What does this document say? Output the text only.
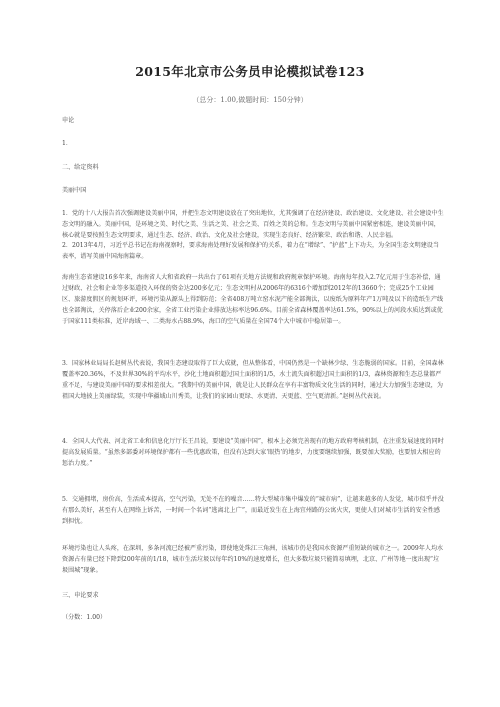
2015年北京市公务员申论模拟试卷123
（总分：1.00,做题时间：150分钟）

申论

1．

二、给定资料

美丽中国

1．党的十八大报告首次强调建设美丽中国，并把生态文明建设放在了突出地位，尤其强调了在经济建设、政治建设、文化建设、社会建设中生态文明的融入。美丽中国，是环境之美、时代之美、生活之美、社会之美、百姓之美的总和。生态文明与美丽中国紧密相连，建设美丽中国，核心就是要按照生态文明要求，通过生态、经济、政治、文化及社会建设，实现生态良好、经济繁荣、政治和谐、人民幸福。

2．2013年4月，习近平总书记在海南视察时，要求海南处理好发展和保护的关系，着力在“增绿”、“护蓝”上下功夫，为全国生态文明建设当表率，谱写美丽中国海南篇章。

海南生态省建设16多年来，海南省人大和省政府一共出台了61项有关地方法规和政府规章保护环境。海南每年投入2.7亿元用于生态补偿，通过财政、社会和企业等多渠道投入环保的资金达200多亿元；生态文明村从2006年的6316个增加到2012年的13660个；完成25个工业园区、旅游度假区的规划环评，环境污染从源头上得到防范；全省408万吨立窑水泥产能全部淘汰，以废纸为原料年产1万吨及以下的造纸生产线也全部淘汰，关停落后企业200余家，全省工业污染企业排放达标率达96.6%。目前全省森林覆盖率达61.5%，90%以上的河段水质达到或优于国家111类标准，近岸海域一、二类海水占88.9%，海口的空气质量在全国74个大中城市中稳居第一。

3．国家林业局局长赵树丛代表说，我国生态建设取得了巨大成就，但从整体看，中国仍然是一个缺林少绿、生态脆弱的国家。目前，全国森林覆盖率20.36%，不及世界30%的平均水平，沙化土地面积超过国土面积的1/5，水土流失面积超过国土面积的1/3，森林资源和生态总量都严重不足，与建设美丽中国的要求相差很大。“我期中的美丽中国，就是让人民群众在享有丰富物质文化生活的同时，通过大力加强生态建设，为祖国大地披上美丽绿装，实现中华疆域山川秀美，让我们的家园山更绿、水更清、天更蓝、空气更清新。”赵树丛代表说。

4．全国人大代表、河北省工业和信息化厅厅长王昌说，要建设“美丽中国”，根本上必须完善现有的地方政府考核机制，在注重发展速度的同时提高发展质量。“虽然多部委对环境保护都有一些优惠政策，但没有达到大家‘眼热’的地步，力度要继续加强，既要加大奖励，也要加大相应的惩治力度。”

5．交通拥堵，房价高，生活成本提高，空气污染，无处不在的噪音……特大型城市集中爆发的“城市病”，让越来越多的人发觉，城市似乎并没有那么美好，甚至有人在网络上诉苦，一时间一个名词“逃离北上广”，而最近发生在上海宜州路的公寓火灾，更使人们对城市生活的安全性感到担忧。

环境污染也让人头疼，在深圳，多条河流已经被严重污染，即使地处珠江三角洲，该城市仍是我国水资源严重短缺的城市之一。2009年人均水资源占有量已经下降到200年前的1/18，城市生活垃圾以每年约10%的速度增长，但大多数垃圾只能简易填埋，北京、广州等地一度出现“垃圾围城”现象。

三、申论要求

（分数：1.00）
